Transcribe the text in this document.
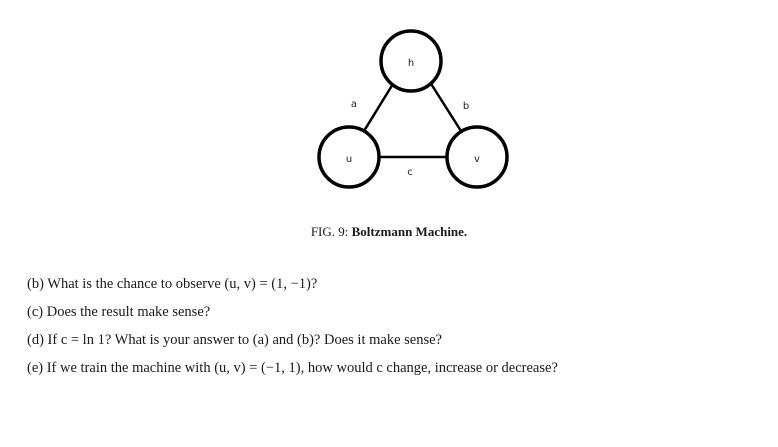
a	b
c
h
u	v
FIG. 9: Boltzmann Machine.
(b) What is the chance to observe (u, v) = (1, −1)?
(c) Does the result make sense?
(d) If c = ln 1? What is your answer to (a) and (b)? Does it make sense?
(e) If we train the machine with (u, v) = (−1, 1), how would c change, increase or decrease?
